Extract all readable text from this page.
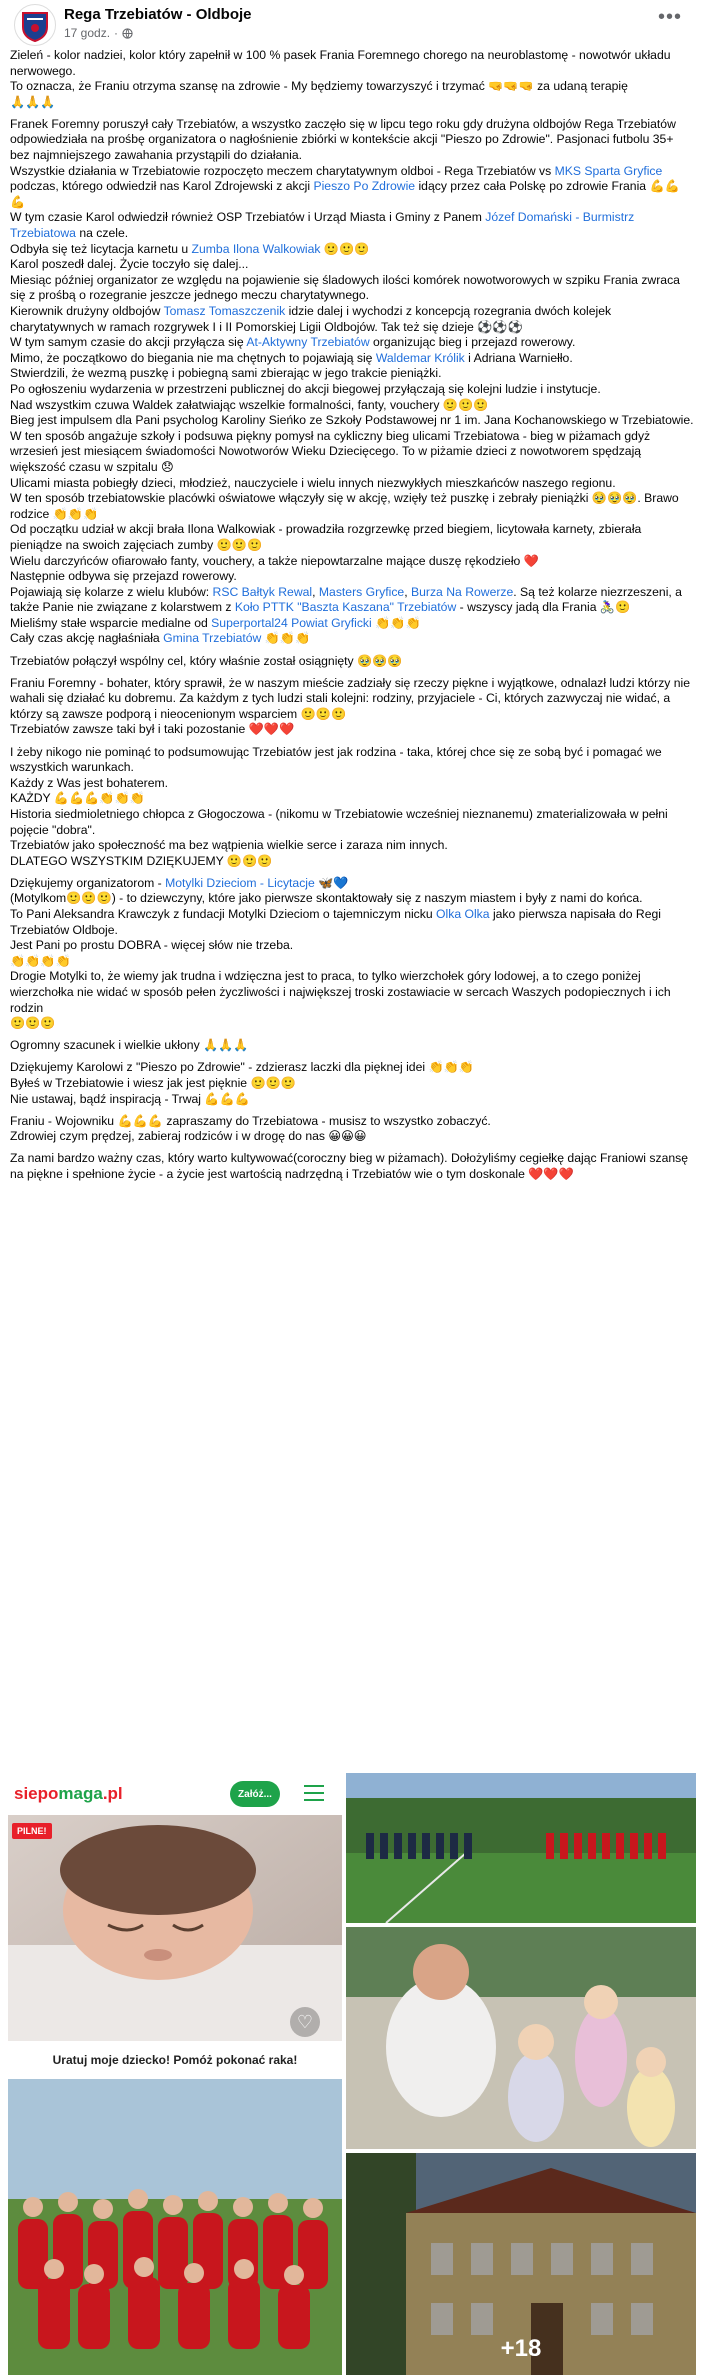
Rega Trzebiatów - Oldboje
17 godz. ·
•••

Zieleń - kolor nadziei, kolor który zapełnił w 100 % pasek Frania Foremnego chorego na neuroblastomę - nowotwór układu nerwowego.
To oznacza, że Franiu otrzyma szansę na zdrowie - My będziemy towarzyszyć i trzymać 🤜🤜🤜 za udaną terapię
🙏🙏🙏

Franek Foremny poruszył cały Trzebiatów, a wszystko zaczęło się w lipcu tego roku gdy drużyna oldbojów Rega Trzebiatów odpowiedziała na prośbę organizatora o nagłośnienie zbiórki w kontekście akcji "Pieszo po Zdrowie". Pasjonaci futbolu 35+ bez najmniejszego zawahania przystąpili do działania.
Wszystkie działania w Trzebiatowie rozpoczęto meczem charytatywnym oldboi - Rega Trzebiatów vs MKS Sparta Gryfice podczas, którego odwiedził nas Karol Zdrojewski z akcji Pieszo Po Zdrowie idący przez cała Polskę po zdrowie Frania 💪💪💪
W tym czasie Karol odwiedził również OSP Trzebiatów i Urząd Miasta i Gminy z Panem Józef Domański - Burmistrz Trzebiatowa na czele.
Odbyła się też licytacja karnetu u Zumba Ilona Walkowiak 🙂🙂🙂
Karol poszedł dalej. Życie toczyło się dalej...
Miesiąc później organizator ze względu na pojawienie się śladowych ilości komórek nowotworowych w szpiku Frania zwraca się z prośbą o rozegranie jeszcze jednego meczu charytatywnego.
Kierownik drużyny oldbojów Tomasz Tomaszczenik idzie dalej i wychodzi z koncepcją rozegrania dwóch kolejek charytatywnych w ramach rozgrywek I i II Pomorskiej Ligii Oldbojów. Tak też się dzieje ⚽⚽⚽
W tym samym czasie do akcji przyłącza się At-Aktywny Trzebiatów organizując bieg i przejazd rowerowy.
Mimo, że początkowo do biegania nie ma chętnych to pojawiają się Waldemar Królik i Adriana Warniełło.
Stwierdzili, że wezmą puszkę i pobiegną sami zbierając w jego trakcie pieniążki.
Po ogłoszeniu wydarzenia w przestrzeni publicznej do akcji biegowej przyłączają się kolejni ludzie i instytucje.
Nad wszystkim czuwa Waldek załatwiając wszelkie formalności, fanty, vouchery 🙂🙂🙂
Bieg jest impulsem dla Pani psycholog Karoliny Sieńko ze Szkoły Podstawowej nr 1 im. Jana Kochanowskiego w Trzebiatowie.
W ten sposób angażuje szkoły i podsuwa piękny pomysł na cykliczny bieg ulicami Trzebiatowa - bieg w piżamach gdyż wrzesień jest miesiącem świadomości Nowotworów Wieku Dziecięcego. To w piżamie dzieci z nowotworem spędzają większość czasu w szpitalu 😞
Ulicami miasta pobiegły dzieci, młodzież, nauczyciele i wielu innych niezwykłych mieszkańców naszego regionu.
W ten sposób trzebiatowskie placówki oświatowe włączyły się w akcję, wzięły też puszkę i zebrały pieniążki 🥹🥹🥹. Brawo rodzice 👏👏👏
Od początku udział w akcji brała Ilona Walkowiak - prowadziła rozgrzewkę przed biegiem, licytowała karnety, zbierała pieniądze na swoich zajęciach zumby 🙂🙂🙂
Wielu darczyńców ofiarowało fanty, vouchery, a także niepowtarzalne mające duszę rękodzieło ❤️
Następnie odbywa się przejazd rowerowy.
Pojawiają się kolarze z wielu klubów: RSC Bałtyk Rewal, Masters Gryfice, Burza Na Rowerze. Są też kolarze niezrzeszeni, a także Panie nie związane z kolarstwem z Koło PTTK "Baszta Kaszana" Trzebiatów - wszyscy jadą dla Frania 🚴‍♀️🙂
Mieliśmy stałe wsparcie medialne od Superportal24 Powiat Gryficki 👏👏👏
Cały czas akcję nagłaśniała Gmina Trzebiatów 👏👏👏

Trzebiatów połączył wspólny cel, który właśnie został osiągnięty 🥹🥹🥹

Franiu Foremny - bohater, który sprawił, że w naszym mieście zadziały się rzeczy piękne i wyjątkowe, odnalazł ludzi którzy nie wahali się działać ku dobremu. Za każdym z tych ludzi stali kolejni: rodziny, przyjaciele - Ci, których zazwyczaj nie widać, a którzy są zawsze podporą i nieocenionym wsparciem 🙂🙂🙂
Trzebiatów zawsze taki był i taki pozostanie ❤️❤️❤️

I żeby nikogo nie pominąć to podsumowując Trzebiatów jest jak rodzina - taka, której chce się ze sobą być i pomagać we wszystkich warunkach.
Każdy z Was jest bohaterem.
KAŻDY 💪💪💪👏👏👏
Historia siedmioletniego chłopca z Głogoczowa - (nikomu w Trzebiatowie wcześniej nieznanemu) zmaterializowała w pełni pojęcie "dobra".
Trzebiatów jako społeczność ma bez wątpienia wielkie serce i zaraza nim innych.
DLATEGO WSZYSTKIM DZIĘKUJEMY 🙂🙂🙂

Dziękujemy organizatorom - Motylki Dzieciom - Licytacje 🦋💙
(Motylkom🙂🙂🙂) - to dziewczyny, które jako pierwsze skontaktowały się z naszym miastem i były z nami do końca.
To Pani Aleksandra Krawczyk z fundacji Motylki Dzieciom o tajemniczym nicku Olka Olka jako pierwsza napisała do Regi Trzebiatów Oldboje.
Jest Pani po prostu DOBRA - więcej słów nie trzeba.
👏👏👏👏
Drogie Motylki to, że wiemy jak trudna i wdzięczna jest to praca, to tylko wierzchołek góry lodowej, a to czego poniżej wierzchołka nie widać w sposób pełen życzliwości i największej troski zostawiacie w sercach Waszych podopiecznych i ich rodzin
🙂🙂🙂

Ogromny szacunek i wielkie ukłony 🙏🙏🙏

Dziękujemy Karolowi z "Pieszo po Zdrowie" - zdzierasz laczki dla pięknej idei 👏👏👏
Byłeś w Trzebiatowie i wiesz jak jest pięknie 🙂🙂🙂
Nie ustawaj, bądź inspiracją - Trwaj 💪💪💪

Franiu - Wojowniku 💪💪💪 zapraszamy do Trzebiatowa - musisz to wszystko zobaczyć.
Zdrowiej czym prędzej, zabieraj rodziców i w drogę do nas 😀😀😀

Za nami bardzo ważny czas, który warto kultywować(coroczny bieg w piżamach). Dołożyliśmy cegiełkę dając Franiowi szansę na piękne i spełnione życie - a życie jest wartością nadrzędną i Trzebiatów wie o tym doskonale ❤️❤️❤️

siepomaga.pl	Załóż...
PILNE!
♡
Uratuj moje dziecko! Pomóż pokonać raka!
+18
